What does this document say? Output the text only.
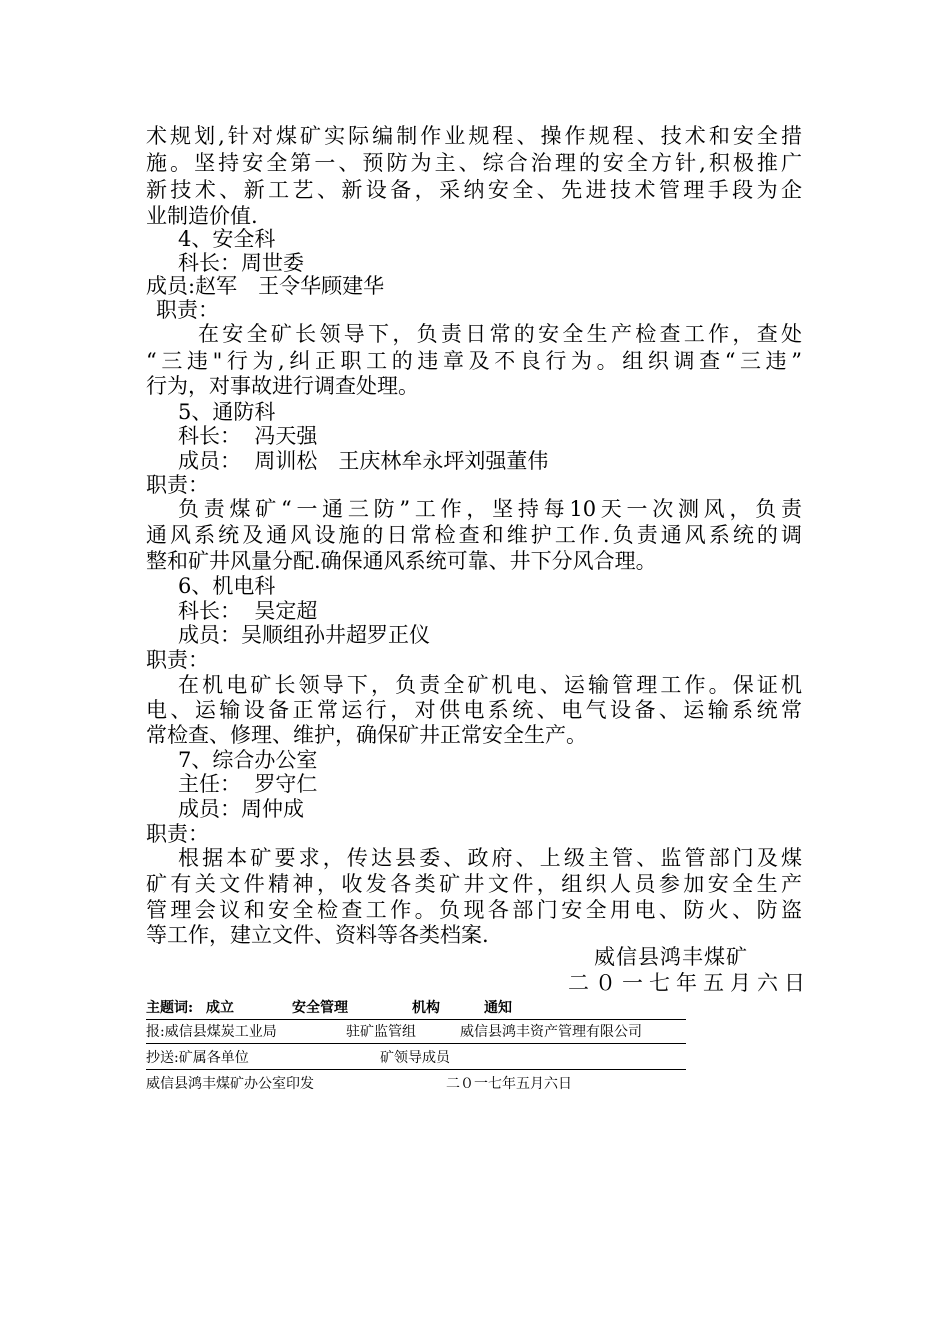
术规划,针对煤矿实际编制作业规程、操作规程、技术和安全措
施。坚持安全第一、预防为主、综合治理的安全方针,积极推广
新技术、新工艺、新设备，采纳安全、先进技术管理手段为企
业制造价值.
4、安全科
科长：周世委
成员:赵军　王令华顾建华
职责：
在安全矿长领导下，负责日常的安全生产检查工作，查处
“三违"行为,纠正职工的违章及不良行为。组织调查“三违”
行为，对事故进行调查处理。
5、通防科
科长：  冯天强
成员：  周训松　王庆林牟永坪刘强董伟
职责：
负责煤矿“一通三防”工作，坚持每10天一次测风，负责
通风系统及通风设施的日常检查和维护工作.负责通风系统的调
整和矿井风量分配.确保通风系统可靠、井下分风合理。
6、机电科
科长：  吴定超
成员：吴顺组孙井超罗正仪
职责：
在机电矿长领导下，负责全矿机电、运输管理工作。保证机
电、运输设备正常运行，对供电系统、电气设备、运输系统常
常检查、修理、维护，确保矿井正常安全生产。
7、综合办公室
主任：  罗守仁
成员：周仲成
职责：
根据本矿要求，传达县委、政府、上级主管、监管部门及煤
矿有关文件精神，收发各类矿井文件，组织人员参加安全生产
管理会议和安全检查工作。负现各部门安全用电、防火、防盗
等工作，建立文件、资料等各类档案.
威信县鸿丰煤矿
二０一七年五月六日
主题词: 成立	安全管理	机构	通知
报:威信县煤炭工业局	驻矿监管组	威信县鸿丰资产管理有限公司
抄送:矿属各单位	矿领导成员
威信县鸿丰煤矿办公室印发	二０一七年五月六日
